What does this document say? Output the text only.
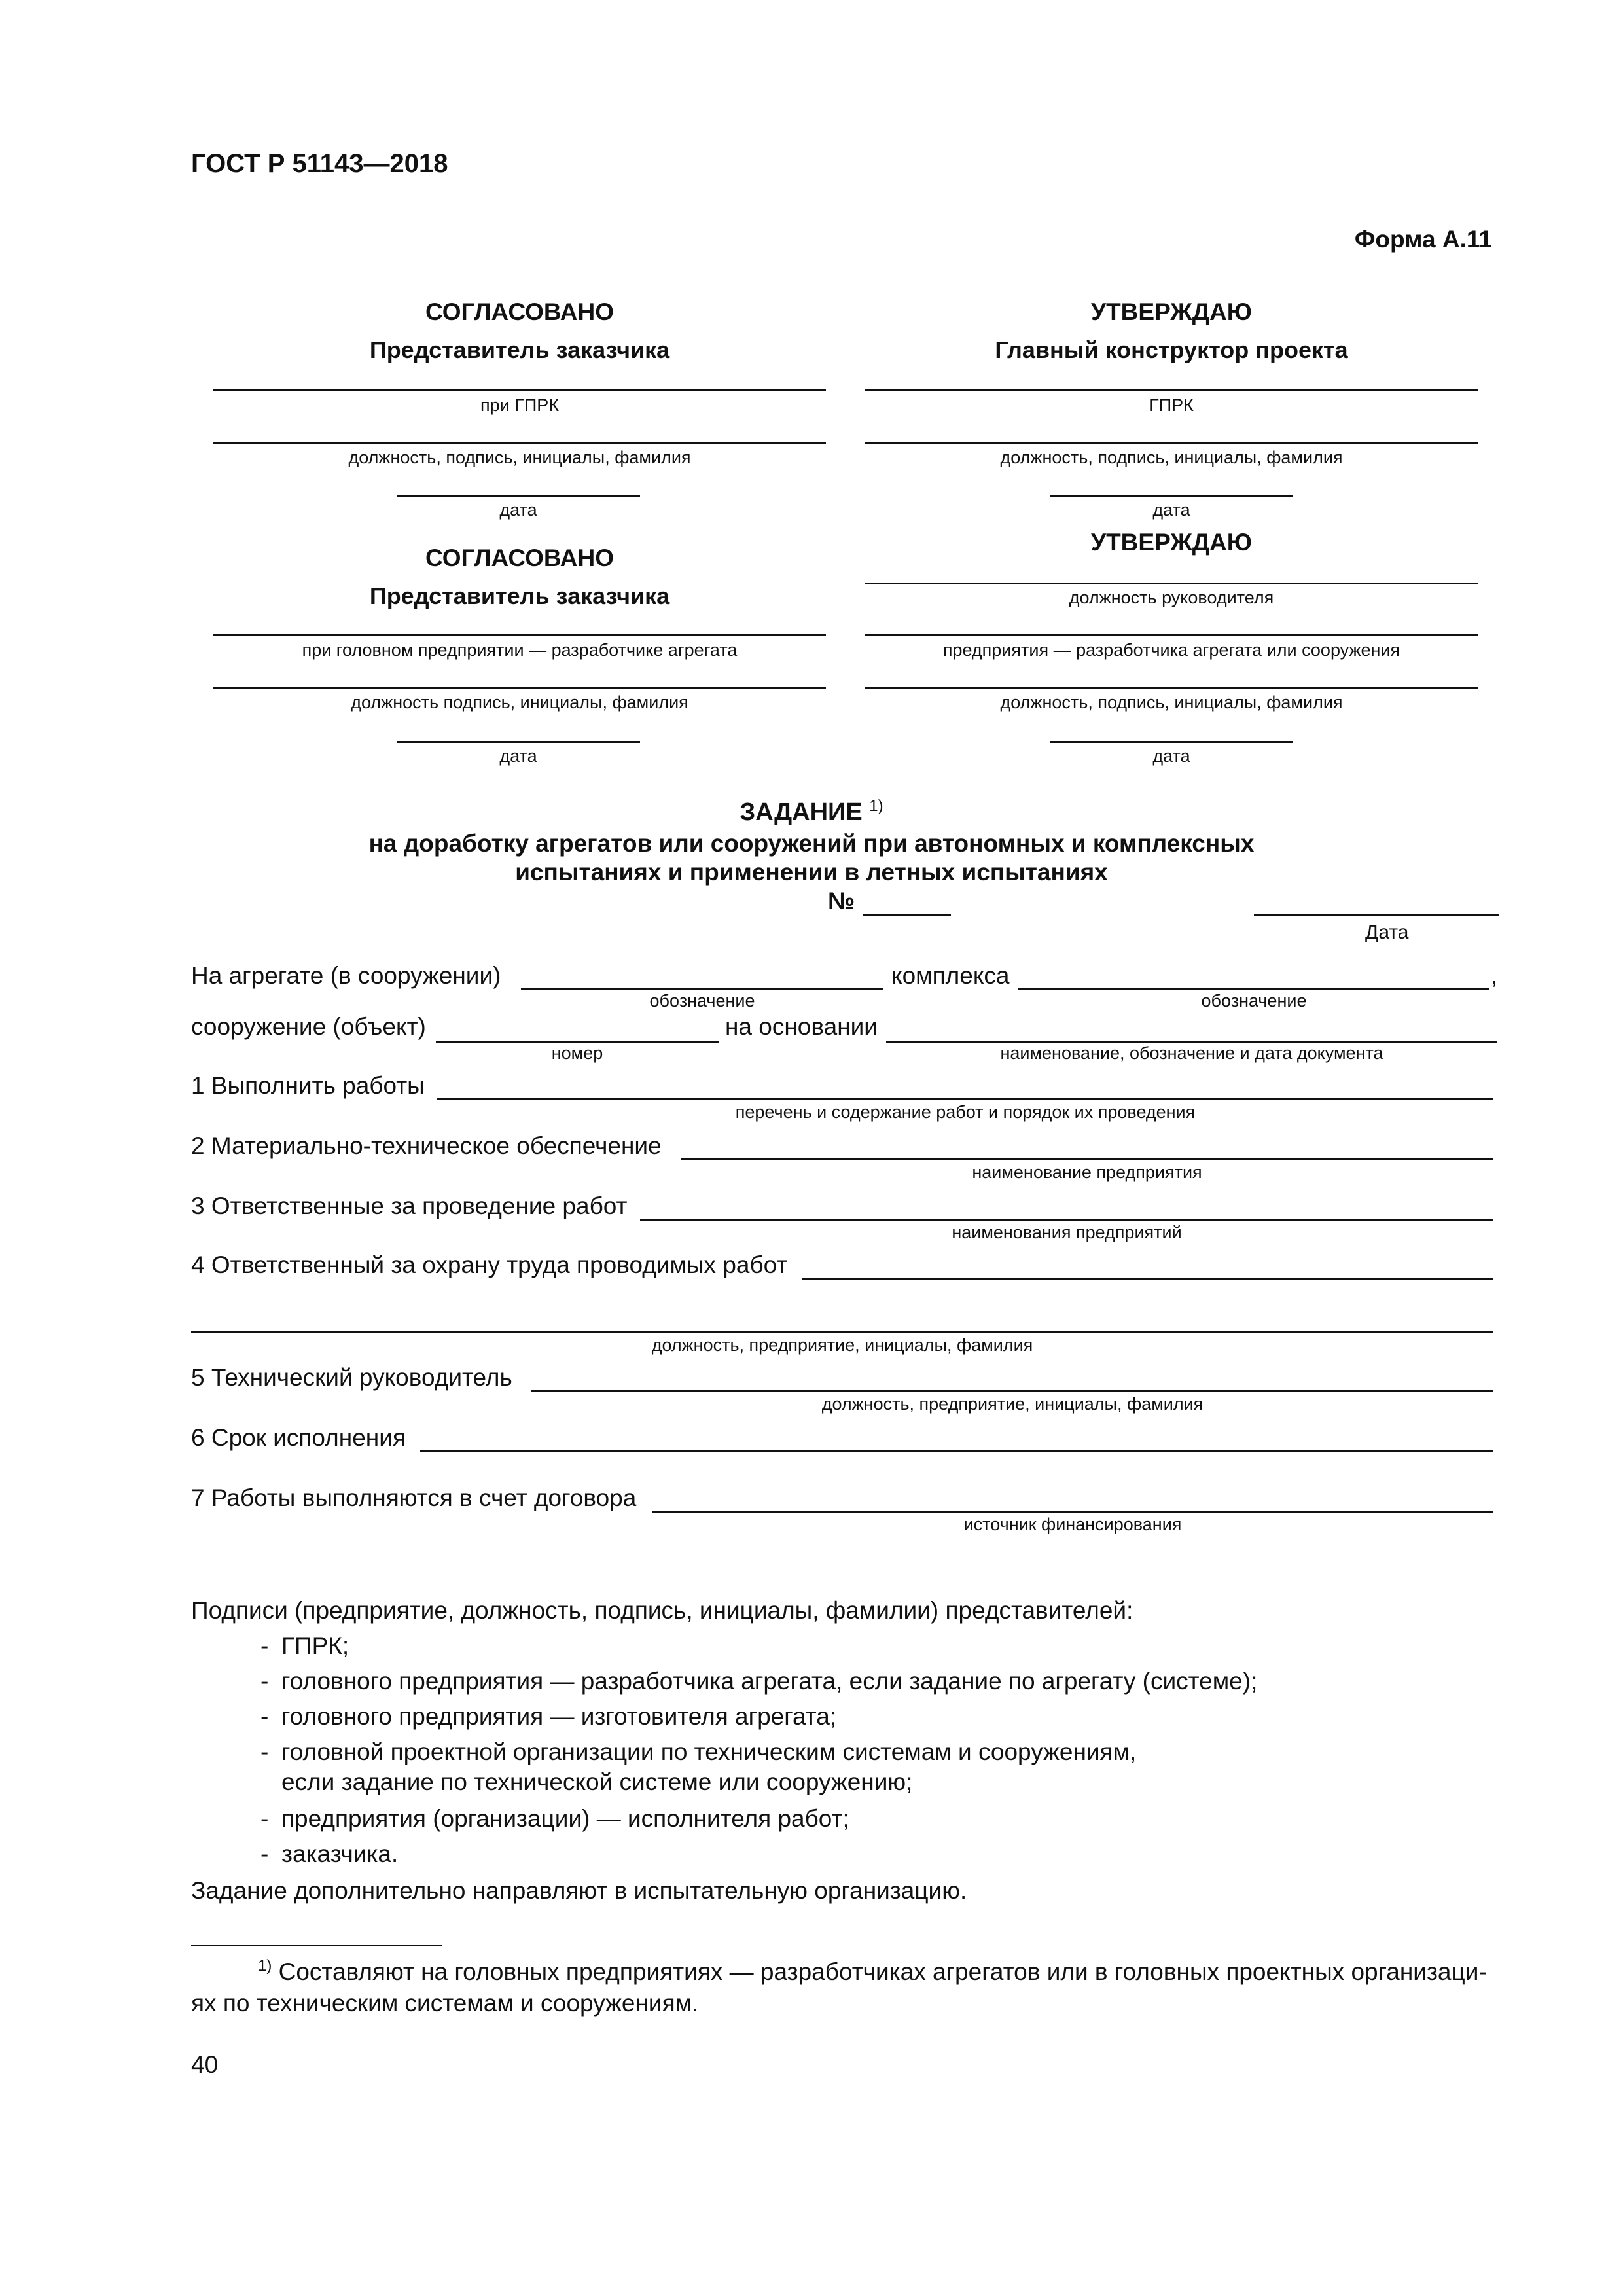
ГОСТ Р 51143—2018
Форма А.11
СОГЛАСОВАНО
Представитель заказчика
при ГПРК
должность, подпись, инициалы, фамилия
дата
УТВЕРЖДАЮ
Главный конструктор проекта
ГПРК
должность, подпись, инициалы, фамилия
дата
СОГЛАСОВАНО
Представитель заказчика
при головном предприятии — разработчике агрегата
должность подпись, инициалы, фамилия
дата
УТВЕРЖДАЮ
должность руководителя
предприятия — разработчика агрегата или сооружения
должность, подпись, инициалы, фамилия
дата
ЗАДАНИЕ $^{1)}$
на доработку агрегатов или сооружений при автономных и комплексных
испытаниях и применении в летных испытаниях
№
Дата
На агрегате (в сооружении)
обозначение
комплекса
обозначение
,
сооружение (объект)
номер
на основании
наименование, обозначение и дата документа
1 Выполнить работы
перечень и содержание работ и порядок их проведения
2 Материально-техническое обеспечение
наименование предприятия
3 Ответственные за проведение работ
наименования предприятий
4 Ответственный за охрану труда проводимых работ
должность, предприятие, инициалы, фамилия
5 Технический руководитель
должность, предприятие, инициалы, фамилия
6 Срок исполнения
7 Работы выполняются в счет договора
источник финансирования
Подписи (предприятие, должность, подпись, инициалы, фамилии) представителей:
- ГПРК;
- головного предприятия — разработчика агрегата, если задание по агрегату (системе);
- головного предприятия — изготовителя агрегата;
- головной проектной организации по техническим системам и сооружениям,
если задание по технической системе или сооружению;
- предприятия (организации) — исполнителя работ;
- заказчика.
Задание дополнительно направляют в испытательную организацию.
$^{1)}$ Составляют на головных предприятиях — разработчиках агрегатов или в головных проектных организаци-
ях по техническим системам и сооружениям.
40
